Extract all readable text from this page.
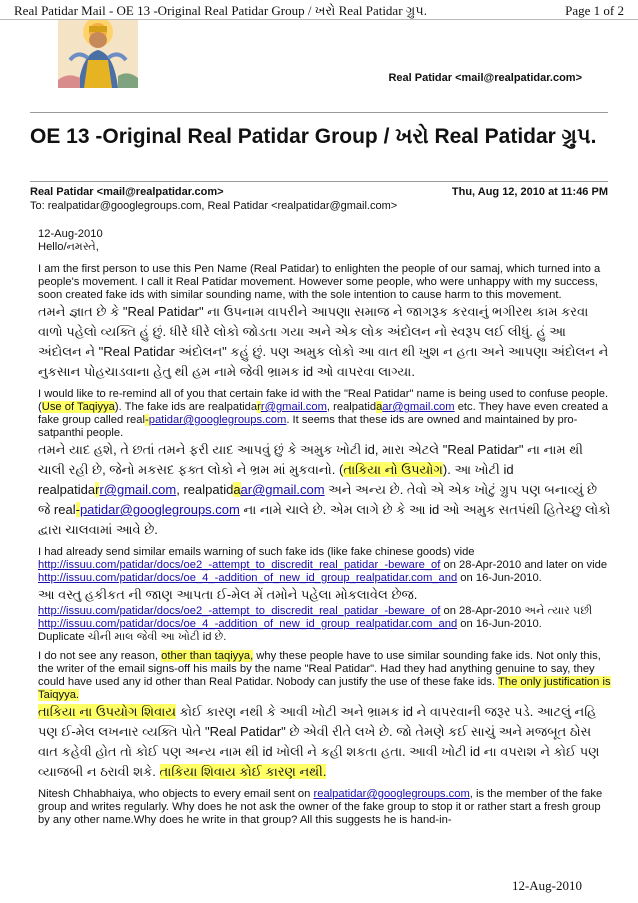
Real Patidar Mail - OE 13 -Original Real Patidar Group / ખરો Real Patidar ગ્રુપ.	Page 1 of 2
Real Patidar <mail@realpatidar.com>
OE 13 -Original Real Patidar Group / ખરો Real Patidar ગ્રુપ.
Real Patidar <mail@realpatidar.com>	Thu, Aug 12, 2010 at 11:46 PM
To: realpatidar@googlegroups.com, Real Patidar <realpatidar@gmail.com>

12-Aug-2010

Hello/નમસ્તે,

I am the first person to use this Pen Name (Real Patidar) to enlighten the people of our samaj, which turned into a people's movement. I call it Real Patidar movement. However some people, who were unhappy with my success, soon created fake ids with similar sounding name, with the sole intention to cause harm to this movement.

તમને જ્ઞાત છે કે "Real Patidar" ના ઉપનામ વાપરીને આપણા સમાજ ને જાગરૂક કરવાનું ભગીરથ કામ કરવા વાળો પહેલો વ્યક્તિ હું છું. ધીરે ધીરે લોકો જોડતા ગયા અને એક લોક અંદોલન નો સ્વરૂપ લઈ લીધું. હું આ અંદોલન ને "Real Patidar અંદોલન" કહું છું. પણ અમુક લોકો આ વાત થી ખુશ ન હતા અને આપણા અંદોલન ને નુકસાન પોહચાડવાના હેતુ થી હમ નામે જેવી ભ્રામક id ઓ વાપરવા લાગ્યા.

I would like to re-remind all of you that certain fake id with the "Real Patidar" name is being used to confuse people. (Use of Taqiyya). The fake ids are realpatidarr@gmail.com, realpatidaar@gmail.com etc. They have even created a fake group called real-patidar@googlegroups.com. It seems that these ids are owned and maintained by pro-satpanthi people.

તમને યાદ હશે, તે છતાં તમને ફરી યાદ આપવું છું કે અમુક ખોટી id, મારા એટલે "Real Patidar" ના નામ થી ચાલી રહી છે, જેનો મકસદ ફક્ત લોકો ને ભ્રમ માં મુકવાનો. (તાકિયા નો ઉપયોગ). આ ખોટી id realpatidarr@gmail.com, realpatidaar@gmail.com અને અન્ય છે. તેવો એ એક ખોટું ગ્રુપ પણ બનાવ્યું છે જે real-patidar@googlegroups.com ના નામે ચાલે છે. એમ લાગે છે કે આ id ઓ અમુક સતપંથી હિતેચ્છુ લોકો દ્વારા ચાલવામાં આવે છે.

I had already send similar emails warning of such fake ids (like fake chinese goods) vide http://issuu.com/patidar/docs/oe2_-attempt_to_discredit_real_patidar_-beware_of on 28-Apr-2010 and later on vide http://issuu.com/patidar/docs/oe_4_-addition_of_new_id_group_realpatidar.com_and on 16-Jun-2010.

આ વસ્તુ હકીકત ની જાણ આપતા ઈ-મેલ મેં તમોને પહેલા મોકલાવેલ છેજ.
http://issuu.com/patidar/docs/oe2_-attempt_to_discredit_real_patidar_-beware_of on 28-Apr-2010 અને ત્યાર પછી
http://issuu.com/patidar/docs/oe_4_-addition_of_new_id_group_realpatidar.com_and on 16-Jun-2010.
Duplicate ચીની માલ જેવી આ ખોટી id છે.

I do not see any reason, other than taqiyya, why these people have to use similar sounding fake ids. Not only this, the writer of the email signs-off his mails by the name "Real Patidar". Had they had anything genuine to say, they could have used any id other than Real Patidar. Nobody can justify the use of these fake ids. The only justification is Taiqyya.

તાકિયા ના ઉપયોગ શિવાય કોઈ કારણ નથી કે આવી ખોટી અને ભ્રામક id ને વાપરવાની જરૂર પડે. આટલું નહિ પણ ઈ-મેલ લખનાર વ્યક્તિ પોતે "Real Patidar" છે એવી રીતે લખે છે. જો તેમણે કઈ સાચું અને મજબૂત ઠોસ વાત કહેવી હોત તો કોઈ પણ અન્ય નામ થી id ખોલી ને કહી શકતા હતા. આવી ખોટી id ના વપરાશ ને કોઈ પણ વ્યાજબી ન ઠરાવી શકે. તાકિયા શિવાય કોઈ કારણ નથી.

Nitesh Chhabhaiya, who objects to every email sent on realpatidar@googlegroups.com, is the member of the fake group and writes regularly. Why does he not ask the owner of the fake group to stop it or rather start a fresh group by any other name.Why does he write in that group? All this suggests he is hand-in-

12-Aug-2010
